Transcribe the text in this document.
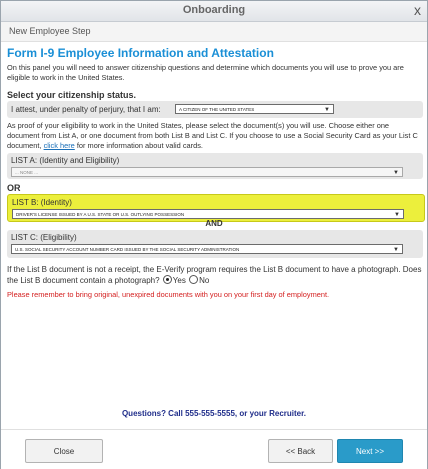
Onboarding	x
New Employee Step
Form I-9 Employee Information and Attestation
On this panel you will need to answer citizenship questions and determine which documents you will use to prove you are eligible to work in the United States.
Select your citizenship status.
I attest, under penalty of perjury, that I am:	A CITIZEN OF THE UNITED STATES	▼
As proof of your eligibility to work in the United States, please select the document(s) you will use. Choose either one document from List A, or one document from both List B and List C. If you choose to use a Social Security Card as your List C document, click here for more information about valid cards.
LIST A: (Identity and Eligibility)
... NONE ...	▼
OR
LIST B: (Identity)
DRIVER'S LICENSE ISSUED BY A U.S. STATE OR U.S. OUTLYING POSSESSION	▼
AND
LIST C: (Eligibility)
U.S. SOCIAL SECURITY ACCOUNT NUMBER CARD ISSUED BY THE SOCIAL SECURITY ADMINISTRATION	▼
If the List B document is not a receipt, the E-Verify program requires the List B document to have a photograph. Does the List B document contain a photograph? Yes No
Please remember to bring original, unexpired documents with you on your first day of employment.
Questions? Call 555-555-5555, or your Recruiter.
Close	<< Back	Next >>
